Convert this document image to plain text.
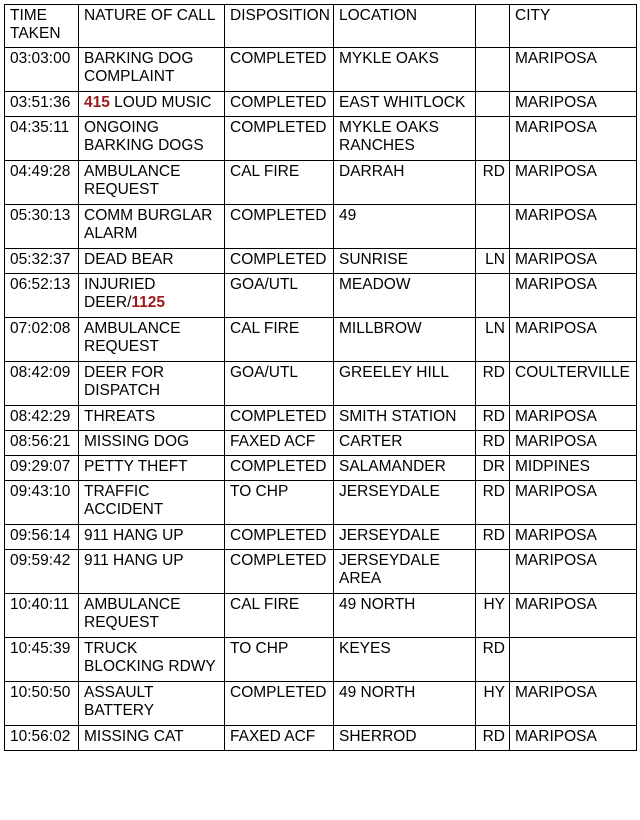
TIME TAKEN	NATURE OF CALL	DISPOSITION	LOCATION		CITY
03:03:00	BARKING DOG COMPLAINT	COMPLETED	MYKLE OAKS		MARIPOSA
03:51:36	415 LOUD MUSIC	COMPLETED	EAST WHITLOCK		MARIPOSA
04:35:11	ONGOING BARKING DOGS	COMPLETED	MYKLE OAKS RANCHES		MARIPOSA
04:49:28	AMBULANCE REQUEST	CAL FIRE	DARRAH	RD	MARIPOSA
05:30:13	COMM BURGLAR ALARM	COMPLETED	49		MARIPOSA
05:32:37	DEAD BEAR	COMPLETED	SUNRISE	LN	MARIPOSA
06:52:13	INJURIED DEER/1125	GOA/UTL	MEADOW		MARIPOSA
07:02:08	AMBULANCE REQUEST	CAL FIRE	MILLBROW	LN	MARIPOSA
08:42:09	DEER FOR DISPATCH	GOA/UTL	GREELEY HILL	RD	COULTERVILLE
08:42:29	THREATS	COMPLETED	SMITH STATION	RD	MARIPOSA
08:56:21	MISSING DOG	FAXED ACF	CARTER	RD	MARIPOSA
09:29:07	PETTY THEFT	COMPLETED	SALAMANDER	DR	MIDPINES
09:43:10	TRAFFIC ACCIDENT	TO CHP	JERSEYDALE	RD	MARIPOSA
09:56:14	911 HANG UP	COMPLETED	JERSEYDALE	RD	MARIPOSA
09:59:42	911 HANG UP	COMPLETED	JERSEYDALE AREA		MARIPOSA
10:40:11	AMBULANCE REQUEST	CAL FIRE	49 NORTH	HY	MARIPOSA
10:45:39	TRUCK BLOCKING RDWY	TO CHP	KEYES	RD	
10:50:50	ASSAULT BATTERY	COMPLETED	49 NORTH	HY	MARIPOSA
10:56:02	MISSING CAT	FAXED ACF	SHERROD	RD	MARIPOSA
